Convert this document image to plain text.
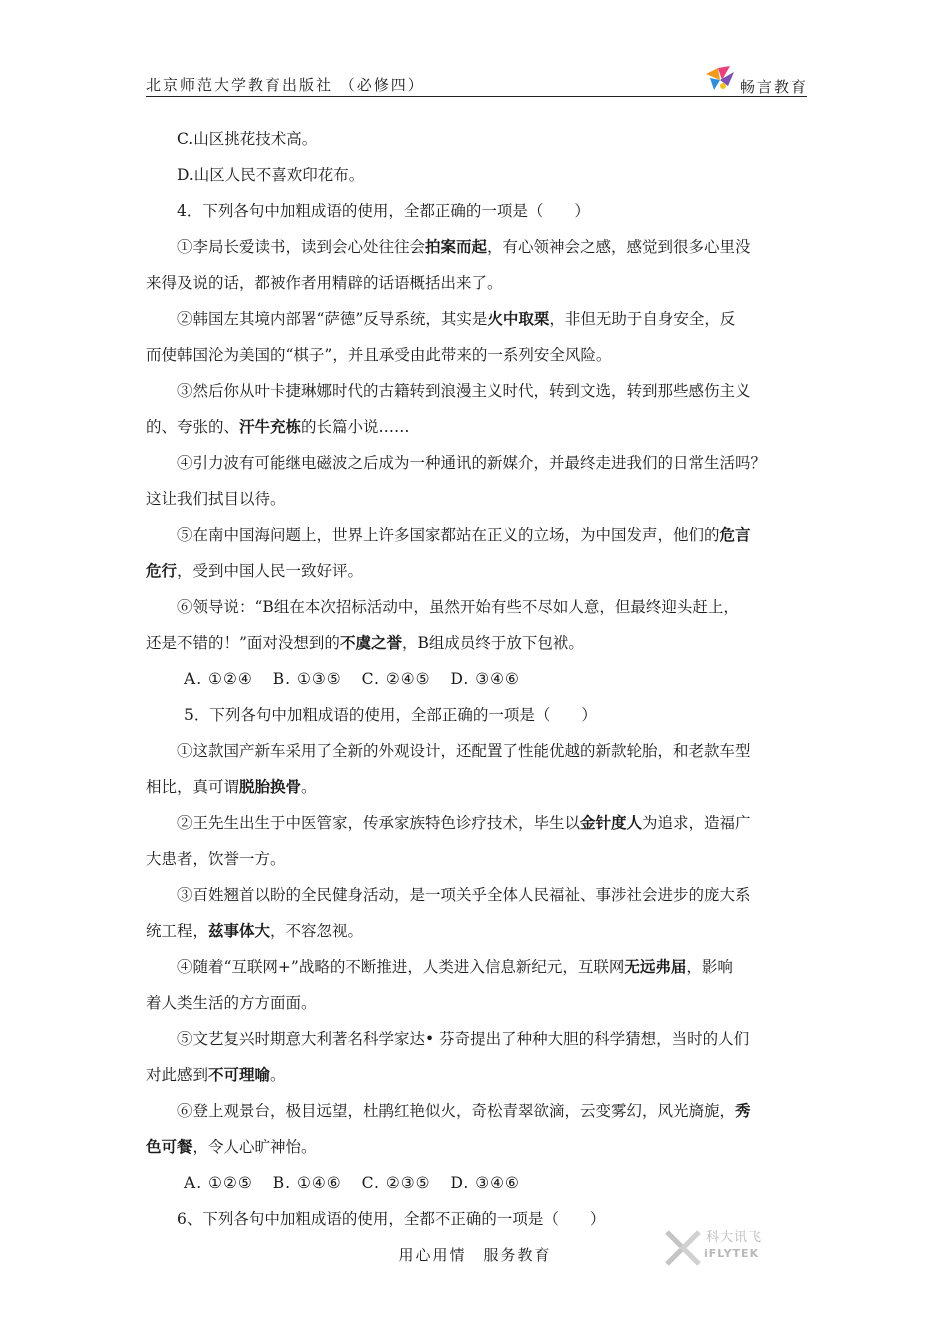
北京师范大学教育出版社 （必修四）	畅言教育
C.山区挑花技术高。
D.山区人民不喜欢印花布。
4．下列各句中加粗成语的使用，全都正确的一项是（　　）
①李局长爱读书，读到会心处往往会拍案而起，有心领神会之感，感觉到很多心里没
来得及说的话，都被作者用精辟的话语概括出来了。
②韩国左其境内部署“萨德”反导系统，其实是火中取栗，非但无助于自身安全，反
而使韩国沦为美国的“棋子”，并且承受由此带来的一系列安全风险。
③然后你从叶卡捷琳娜时代的古籍转到浪漫主义时代，转到文选，转到那些感伤主义
的、夸张的、汗牛充栋的长篇小说……
④引力波有可能继电磁波之后成为一种通讯的新媒介，并最终走进我们的日常生活吗？
这让我们拭目以待。
⑤在南中国海问题上，世界上许多国家都站在正义的立场，为中国发声，他们的危言
危行，受到中国人民一致好评。
⑥领导说：“B组在本次招标活动中，虽然开始有些不尽如人意，但最终迎头赶上，
还是不错的！”面对没想到的不虞之誉，B组成员终于放下包袱。
A. ①②④ B. ①③⑤ C. ②④⑤ D. ③④⑥
5．下列各句中加粗成语的使用，全部正确的一项是（　　）
①这款国产新车采用了全新的外观设计，还配置了性能优越的新款轮胎，和老款车型
相比，真可谓脱胎换骨。
②王先生出生于中医管家，传承家族特色诊疗技术，毕生以金针度人为追求，造福广
大患者，饮誉一方。
③百姓翘首以盼的全民健身活动，是一项关乎全体人民福祉、事涉社会进步的庞大系
统工程，兹事体大，不容忽视。
④随着“互联网+”战略的不断推进，人类进入信息新纪元，互联网无远弗届，影响
着人类生活的方方面面。
⑤文艺复兴时期意大利著名科学家达• 芬奇提出了种种大胆的科学猜想，当时的人们
对此感到不可理喻。
⑥登上观景台，极目远望，杜鹃红艳似火，奇松青翠欲滴，云变雾幻，风光旖旎，秀
色可餐，令人心旷神怡。
A. ①②⑤ B. ①④⑥ C. ②③⑤ D. ③④⑥
6、下列各句中加粗成语的使用，全都不正确的一项是（　　）
用心用情　服务教育
科大讯飞
iFLYTEK
